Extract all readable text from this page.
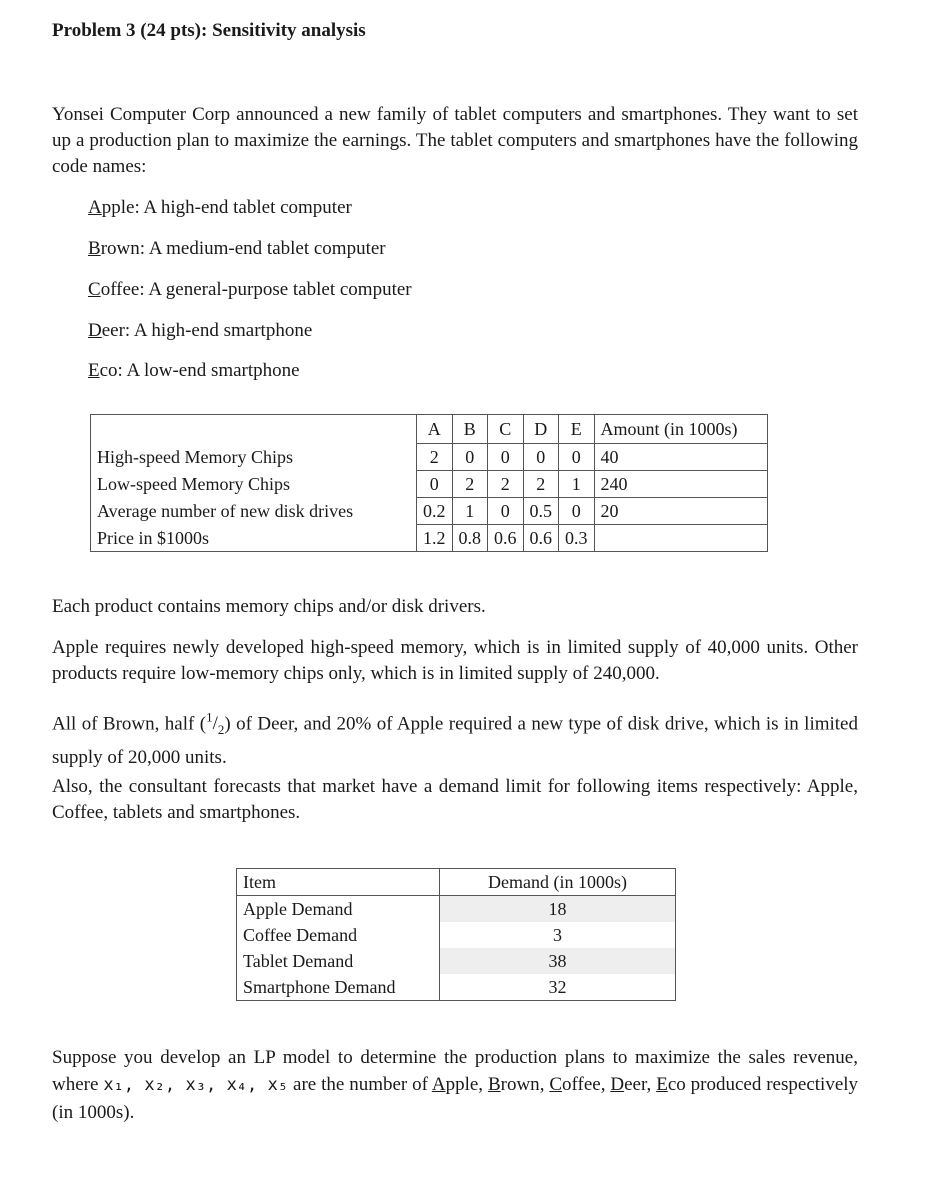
Problem 3 (24 pts): Sensitivity analysis
Yonsei Computer Corp announced a new family of tablet computers and smartphones. They want to set up a production plan to maximize the earnings. The tablet computers and smartphones have the following code names:
Apple: A high-end tablet computer
Brown: A medium-end tablet computer
Coffee: A general-purpose tablet computer
Deer: A high-end smartphone
Eco: A low-end smartphone
	A	B	C	D	E	Amount (in 1000s)
High-speed Memory Chips	2	0	0	0	0	40
Low-speed Memory Chips	0	2	2	2	1	240
Average number of new disk drives	0.2	1	0	0.5	0	20
Price in $1000s	1.2	0.8	0.6	0.6	0.3	
Each product contains memory chips and/or disk drivers.
Apple requires newly developed high-speed memory, which is in limited supply of 40,000 units. Other products require low-memory chips only, which is in limited supply of 240,000.
All of Brown, half $(^1/_2)$ of Deer, and 20% of Apple required a new type of disk drive, which is in limited supply of 20,000 units.
Also, the consultant forecasts that market have a demand limit for following items respectively: Apple, Coffee, tablets and smartphones.
Item	Demand (in 1000s)
Apple Demand	18
Coffee Demand	3
Tablet Demand	38
Smartphone Demand	32
Suppose you develop an LP model to determine the production plans to maximize the sales revenue, where x₁, x₂, x₃, x₄, x₅ are the number of Apple, Brown, Coffee, Deer, Eco produced respectively (in 1000s).
